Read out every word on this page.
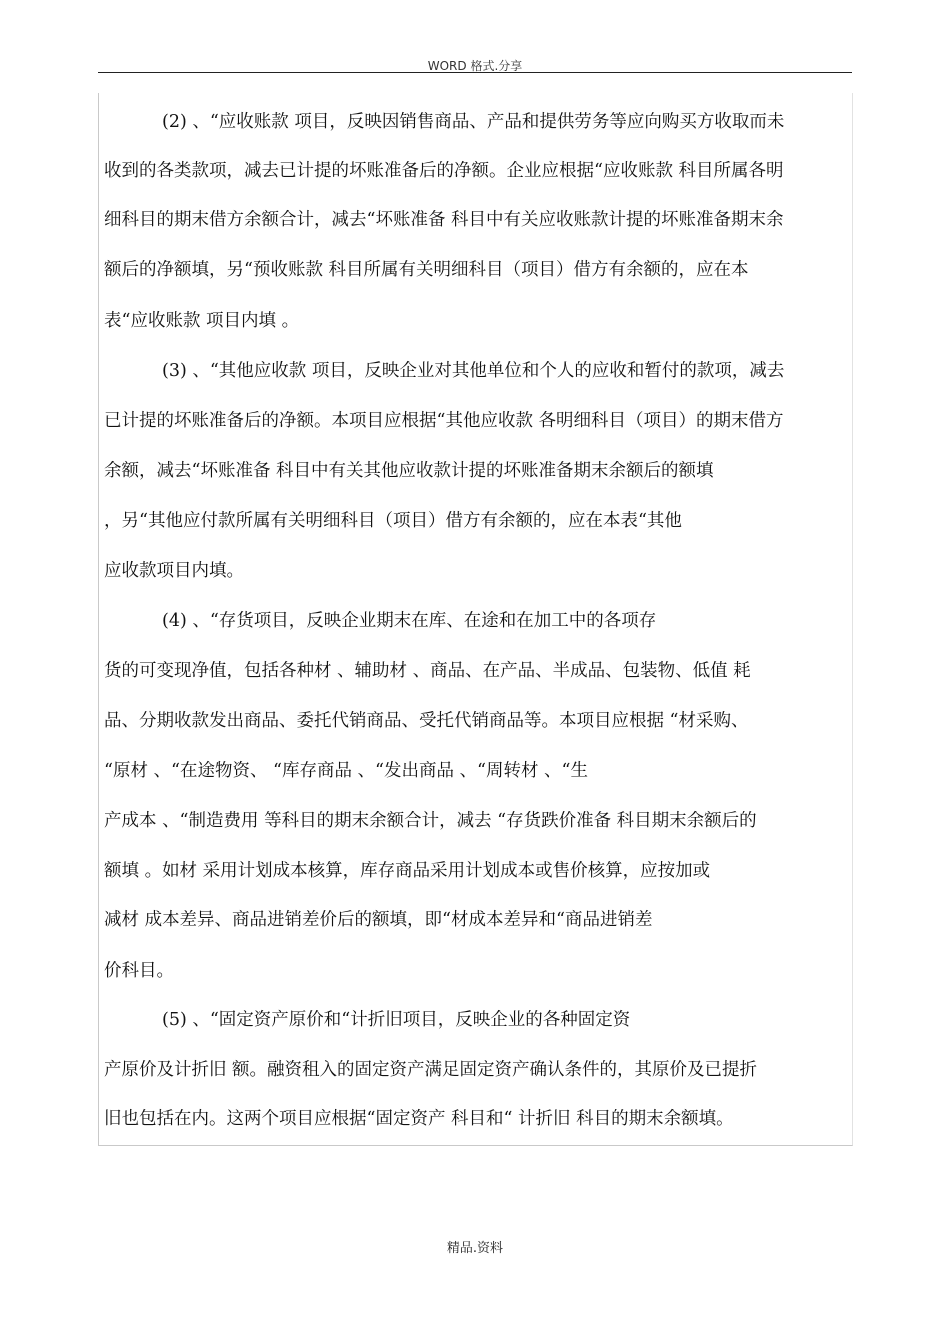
WORD 格式.分享
(2) 、“应收账款 项目，反映因销售商品、产品和提供劳务等应向购买方收取而未
收到的各类款项，减去已计提的坏账准备后的净额。企业应根据“应收账款 科目所属各明
细科目的期末借方余额合计，减去“坏账准备 科目中有关应收账款计提的坏账准备期末余
额后的净额填，另“预收账款 科目所属有关明细科目（项目）借方有余额的，应在本
表“应收账款 项目内填 。
(3) 、“其他应收款 项目，反映企业对其他单位和个人的应收和暂付的款项，减去
已计提的坏账准备后的净额。本项目应根据“其他应收款 各明细科目（项目）的期末借方
余额，减去“坏账准备 科目中有关其他应收款计提的坏账准备期末余额后的额填
，另“其他应付款所属有关明细科目（项目）借方有余额的，应在本表“其他
应收款项目内填。
(4) 、“存货项目，反映企业期末在库、在途和在加工中的各项存
货的可变现净值，包括各种材 、辅助材 、商品、在产品、半成品、包装物、低值 耗
品、分期收款发出商品、委托代销商品、受托代销商品等。本项目应根据 “材采购、
“原材 、“在途物资、 “库存商品 、“发出商品 、“周转材 、“生
产成本 、“制造费用 等科目的期末余额合计，减去 “存货跌价准备 科目期末余额后的
额填 。如材 采用计划成本核算，库存商品采用计划成本或售价核算，应按加或
减材 成本差异、商品进销差价后的额填，即“材成本差异和“商品进销差
价科目。
(5) 、“固定资产原价和“计折旧项目，反映企业的各种固定资
产原价及计折旧 额。融资租入的固定资产满足固定资产确认条件的，其原价及已提折
旧也包括在内。这两个项目应根据“固定资产 科目和“ 计折旧 科目的期末余额填。
精品.资料
